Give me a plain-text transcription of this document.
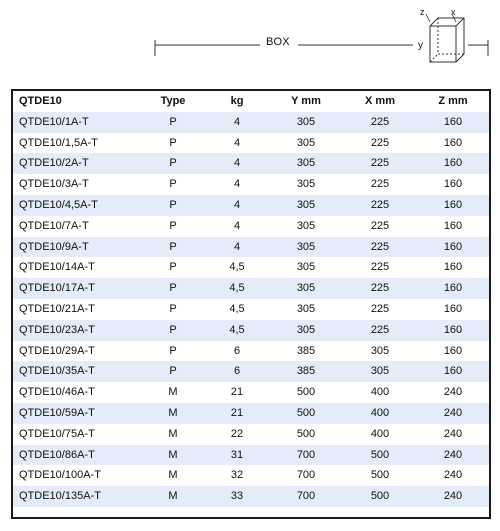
BOX
z	x
y
QTDE10	Type	kg	Y mm	X mm	Z mm
QTDE10/1A-T	P	4	305	225	160
QTDE10/1,5A-T	P	4	305	225	160
QTDE10/2A-T	P	4	305	225	160
QTDE10/3A-T	P	4	305	225	160
QTDE10/4,5A-T	P	4	305	225	160
QTDE10/7A-T	P	4	305	225	160
QTDE10/9A-T	P	4	305	225	160
QTDE10/14A-T	P	4,5	305	225	160
QTDE10/17A-T	P	4,5	305	225	160
QTDE10/21A-T	P	4,5	305	225	160
QTDE10/23A-T	P	4,5	305	225	160
QTDE10/29A-T	P	6	385	305	160
QTDE10/35A-T	P	6	385	305	160
QTDE10/46A-T	M	21	500	400	240
QTDE10/59A-T	M	21	500	400	240
QTDE10/75A-T	M	22	500	400	240
QTDE10/86A-T	M	31	700	500	240
QTDE10/100A-T	M	32	700	500	240
QTDE10/135A-T	M	33	700	500	240
